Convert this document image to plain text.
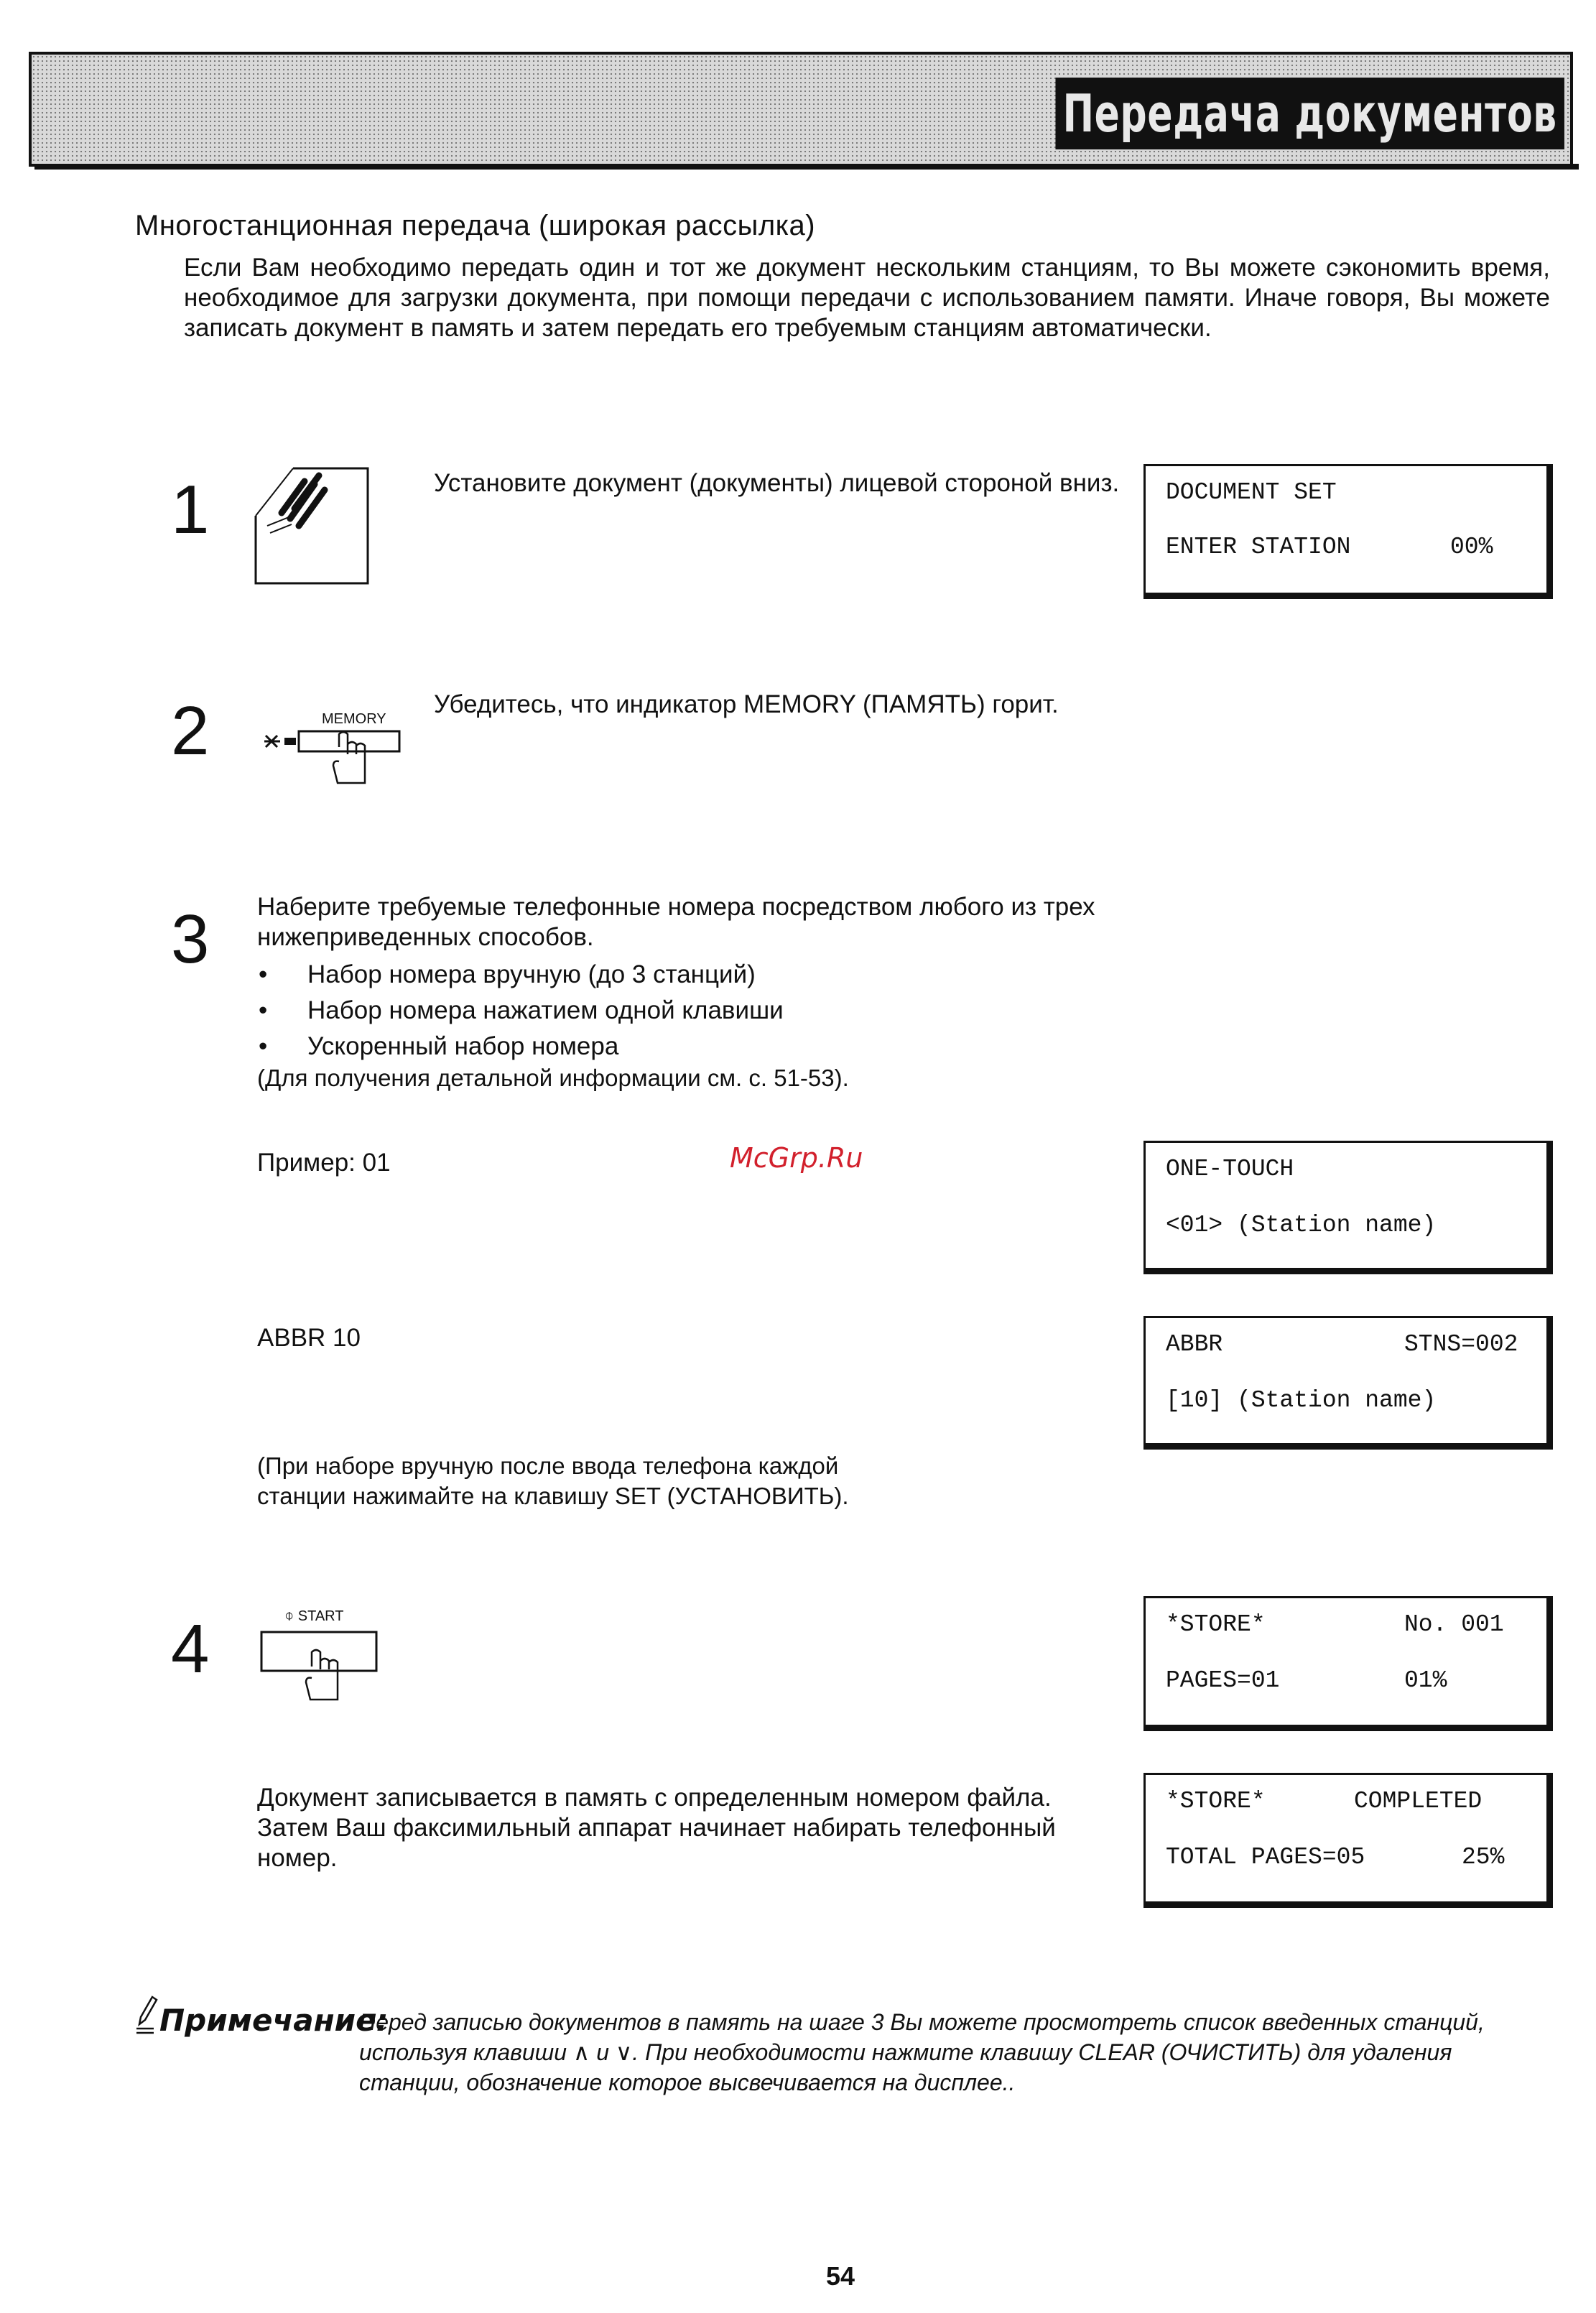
Передача документов
Многостанционная передача (широкая рассылка)
Если Вам необходимо передать один и тот же документ нескольким станциям, то Вы можете сэкономить время, необходимое для загрузки документа, при помощи передачи с использованием памяти. Иначе говоря, Вы можете записать документ в память и затем передать его требуемым станциям автоматически.
1	Установите документ (документы) лицевой стороной вниз.	DOCUMENT SET
ENTER STATION	00%
2	MEMORY
Убедитесь, что индикатор MEMORY (ПАМЯТЬ) горит.
3 Наберите требуемые телефонные номера посредством любого из трех нижеприведенных способов.
• Набор номера вручную (до 3 станций)
• Набор номера нажатием одной клавиши
• Ускоренный набор номера
(Для получения детальной информации см. с. 51-53).
Пример: 01	McGrp.Ru	ONE-TOUCH
<01> (Station name)
ABBR 10	ABBR	STNS=002
[10] (Station name)
(При наборе вручную после ввода телефона каждой станции нажимайте на клавишу SET (УСТАНОВИТЬ).
4	⌽ START	*STORE*	No. 001
PAGES=01	01%
Документ записывается в память с определенным номером файла. Затем Ваш факсимильный аппарат начинает набирать телефонный номер.
*STORE*	COMPLETED
TOTAL PAGES=05	25%
Примечание:
Перед записью документов в память на шаге 3 Вы можете просмотреть список введенных станций,
используя клавиши ∧ и ∨. При необходимости нажмите клавишу CLEAR (ОЧИСТИТЬ) для удаления
станции, обозначение которое высвечивается на дисплее..
54
